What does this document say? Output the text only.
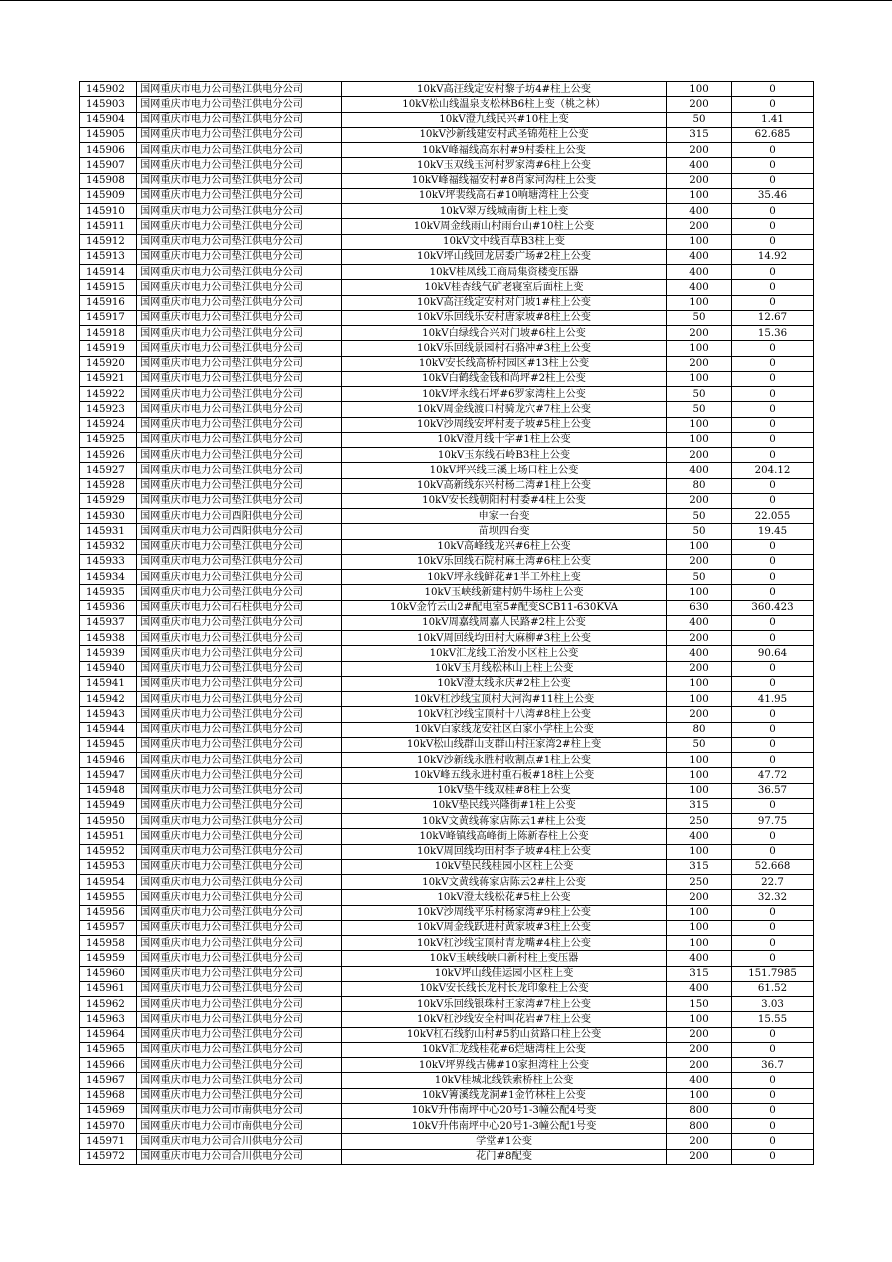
145902	国网重庆市电力公司垫江供电分公司	10kV高汪线定安村黎子坊4#柱上公变	100	0
145903	国网重庆市电力公司垫江供电分公司	10kV松山线温泉支松林B6柱上变（桃之林）	200	0
145904	国网重庆市电力公司垫江供电分公司	10kV澄九线民兴#10柱上变	50	1.41
145905	国网重庆市电力公司垫江供电分公司	10kV沙新线建安村武圣锦苑柱上公变	315	62.685
145906	国网重庆市电力公司垫江供电分公司	10kV峰福线高东村#9村委柱上公变	200	0
145907	国网重庆市电力公司垫江供电分公司	10kV玉双线玉河村罗家湾#6柱上公变	400	0
145908	国网重庆市电力公司垫江供电分公司	10kV峰福线福安村#8肖家河沟柱上公变	200	0
145909	国网重庆市电力公司垫江供电分公司	10kV坪裴线高石#10响塘湾柱上公变	100	35.46
145910	国网重庆市电力公司垫江供电分公司	10kV翠万线城南街上柱上变	400	0
145911	国网重庆市电力公司垫江供电分公司	10kV周金线雨山村雨台山#10柱上公变	200	0
145912	国网重庆市电力公司垫江供电分公司	10kV文中线百草B3柱上变	100	0
145913	国网重庆市电力公司垫江供电分公司	10kV坪山线回龙居委广场#2柱上公变	400	14.92
145914	国网重庆市电力公司垫江供电分公司	10kV桂凤线工商局集资楼变压器	400	0
145915	国网重庆市电力公司垫江供电分公司	10kV桂杏线气矿老寝室后面柱上变	400	0
145916	国网重庆市电力公司垫江供电分公司	10kV高汪线定安村对门坡1#柱上公变	100	0
145917	国网重庆市电力公司垫江供电分公司	10kV乐回线乐安村唐家坡#8柱上公变	50	12.67
145918	国网重庆市电力公司垫江供电分公司	10kV白绿线合兴对门坡#6柱上公变	200	15.36
145919	国网重庆市电力公司垫江供电分公司	10kV乐回线景园村石骆冲#3柱上公变	100	0
145920	国网重庆市电力公司垫江供电分公司	10kV安长线高桥村园区#13柱上公变	200	0
145921	国网重庆市电力公司垫江供电分公司	10kV白鹤线金钱和尚坪#2柱上公变	100	0
145922	国网重庆市电力公司垫江供电分公司	10kV坪永线石坪#6罗家湾柱上公变	50	0
145923	国网重庆市电力公司垫江供电分公司	10kV周金线渡口村骑龙穴#7柱上公变	50	0
145924	国网重庆市电力公司垫江供电分公司	10kV沙周线安坪村麦子坡#5柱上公变	100	0
145925	国网重庆市电力公司垫江供电分公司	10kV澄月线十字#1柱上公变	100	0
145926	国网重庆市电力公司垫江供电分公司	10kV玉东线石岭B3柱上公变	200	0
145927	国网重庆市电力公司垫江供电分公司	10kV坪兴线三溪上场口柱上公变	400	204.12
145928	国网重庆市电力公司垫江供电分公司	10kV高新线东兴村杨二湾#1柱上公变	80	0
145929	国网重庆市电力公司垫江供电分公司	10kV安长线朝阳村村委#4柱上公变	200	0
145930	国网重庆市电力公司酉阳供电分公司	申家一台变	50	22.055
145931	国网重庆市电力公司酉阳供电分公司	苗坝四台变	50	19.45
145932	国网重庆市电力公司垫江供电分公司	10kV高峰线龙兴#6柱上公变	100	0
145933	国网重庆市电力公司垫江供电分公司	10kV乐回线石院村麻土湾#6柱上公变	200	0
145934	国网重庆市电力公司垫江供电分公司	10kV坪永线鲜花#1半工外柱上变	50	0
145935	国网重庆市电力公司垫江供电分公司	10kV玉峡线新建村奶牛场柱上公变	100	0
145936	国网重庆市电力公司石柱供电分公司	10kV金竹云山2#配电室5#配变SCB11-630KVA	630	360.423
145937	国网重庆市电力公司垫江供电分公司	10kV周嘉线周嘉人民路#2柱上公变	400	0
145938	国网重庆市电力公司垫江供电分公司	10kV周回线均田村大麻柳#3柱上公变	200	0
145939	国网重庆市电力公司垫江供电分公司	10kV汇龙线工治发小区柱上公变	400	90.64
145940	国网重庆市电力公司垫江供电分公司	10kV玉月线松林山上柱上公变	200	0
145941	国网重庆市电力公司垫江供电分公司	10kV澄太线永庆#2柱上公变	100	0
145942	国网重庆市电力公司垫江供电分公司	10kV杠沙线宝顶村大河沟#11柱上公变	100	41.95
145943	国网重庆市电力公司垫江供电分公司	10kV杠沙线宝顶村十八湾#8柱上公变	200	0
145944	国网重庆市电力公司垫江供电分公司	10kV白家线龙安社区白家小学柱上公变	80	0
145945	国网重庆市电力公司垫江供电分公司	10kV松山线群山支群山村汪家湾2#柱上变	50	0
145946	国网重庆市电力公司垫江供电分公司	10kV沙新线永胜村收割点#1柱上公变	100	0
145947	国网重庆市电力公司垫江供电分公司	10kV峰五线永进村重石板#18柱上公变	100	47.72
145948	国网重庆市电力公司垫江供电分公司	10kV垫牛线双桂#8柱上公变	100	36.57
145949	国网重庆市电力公司垫江供电分公司	10kV垫民线兴隆街#1柱上公变	315	0
145950	国网重庆市电力公司垫江供电分公司	10kV文黄线蒋家店陈云1#柱上公变	250	97.75
145951	国网重庆市电力公司垫江供电分公司	10kV峰镇线高峰街上陈新春柱上公变	400	0
145952	国网重庆市电力公司垫江供电分公司	10kV周回线均田村李子坡#4柱上公变	100	0
145953	国网重庆市电力公司垫江供电分公司	10kV垫民线桂园小区柱上公变	315	52.668
145954	国网重庆市电力公司垫江供电分公司	10kV文黄线蒋家店陈云2#柱上公变	250	22.7
145955	国网重庆市电力公司垫江供电分公司	10kV澄太线松花#5柱上公变	200	32.32
145956	国网重庆市电力公司垫江供电分公司	10kV沙周线平乐村杨家湾#9柱上公变	100	0
145957	国网重庆市电力公司垫江供电分公司	10kV周金线跃进村黄家坡#3柱上公变	100	0
145958	国网重庆市电力公司垫江供电分公司	10kV杠沙线宝顶村青龙嘴#4柱上公变	100	0
145959	国网重庆市电力公司垫江供电分公司	10kV玉峡线峡口新村柱上变压器	400	0
145960	国网重庆市电力公司垫江供电分公司	10kV坪山线佳运园小区柱上变	315	151.7985
145961	国网重庆市电力公司垫江供电分公司	10kV安长线长龙村长龙印象柱上公变	400	61.52
145962	国网重庆市电力公司垫江供电分公司	10kV乐回线银珠村王家湾#7柱上公变	150	3.03
145963	国网重庆市电力公司垫江供电分公司	10kV杠沙线安全村叫花岩#7柱上公变	100	15.55
145964	国网重庆市电力公司垫江供电分公司	10kV杠石线豹山村#5豹山贫路口柱上公变	200	0
145965	国网重庆市电力公司垫江供电分公司	10kV汇龙线桂花#6烂塘湾柱上公变	200	0
145966	国网重庆市电力公司垫江供电分公司	10kV坪界线古佛#10家担湾柱上公变	200	36.7
145967	国网重庆市电力公司垫江供电分公司	10kV桂城北线铁索桥柱上公变	400	0
145968	国网重庆市电力公司垫江供电分公司	10kV箐溪线龙洞#1金竹林柱上公变	100	0
145969	国网重庆市电力公司市南供电分公司	10kV升伟南坪中心20号1-3幢公配4号变	800	0
145970	国网重庆市电力公司市南供电分公司	10kV升伟南坪中心20号1-3幢公配1号变	800	0
145971	国网重庆市电力公司合川供电分公司	学堂#1公变	200	0
145972	国网重庆市电力公司合川供电分公司	花门#8配变	200	0
